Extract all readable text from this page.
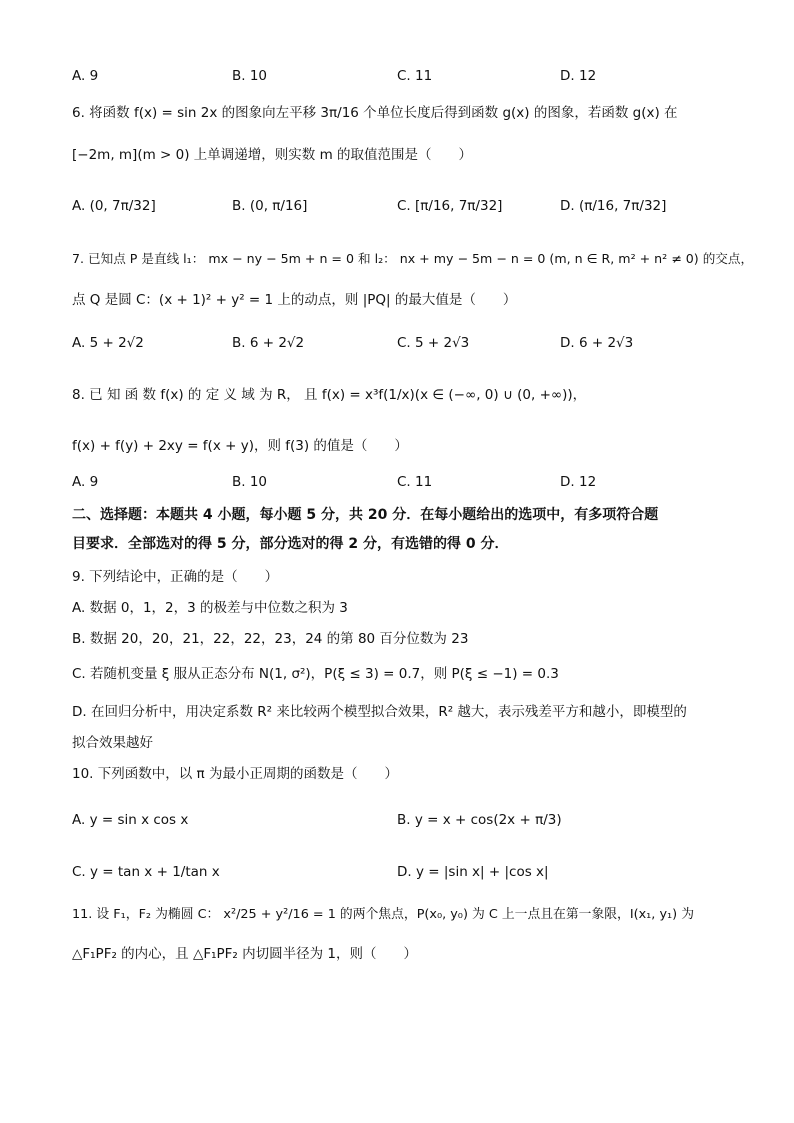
A. 9	B. 10	C. 11	D. 12
6. 将函数 f(x) = sin 2x 的图象向左平移 3π/16 个单位长度后得到函数 g(x) 的图象，若函数 g(x) 在
[−2m, m](m > 0) 上单调递增，则实数 m 的取值范围是（　　）
A. (0, 7π/32]	B. (0, π/16]	C. [π/16, 7π/32]	D. (π/16, 7π/32]
7. 已知点 P 是直线 l₁： mx − ny − 5m + n = 0 和 l₂： nx + my − 5m − n = 0 (m, n ∈ R, m² + n² ≠ 0) 的交点，
点 Q 是圆 C：(x + 1)² + y² = 1 上的动点，则 |PQ| 的最大值是（　　）
A. 5 + 2√2	B. 6 + 2√2	C. 5 + 2√3	D. 6 + 2√3
8. 已 知 函 数 f(x) 的 定 义 域 为 R， 且 f(x) = x³f(1/x)(x ∈ (−∞, 0) ∪ (0, +∞))，
f(x) + f(y) + 2xy = f(x + y)，则 f(3) 的值是（　　）
A. 9	B. 10	C. 11	D. 12
二、选择题：本题共 4 小题，每小题 5 分，共 20 分．在每小题给出的选项中，有多项符合题
目要求．全部选对的得 5 分，部分选对的得 2 分，有选错的得 0 分．
9. 下列结论中，正确的是（　　）
A. 数据 0，1，2，3 的极差与中位数之积为 3
B. 数据 20，20，21，22，22，23，24 的第 80 百分位数为 23
C. 若随机变量 ξ 服从正态分布 N(1, σ²)，P(ξ ≤ 3) = 0.7，则 P(ξ ≤ −1) = 0.3
D. 在回归分析中，用决定系数 R² 来比较两个模型拟合效果，R² 越大，表示残差平方和越小，即模型的
拟合效果越好
10. 下列函数中，以 π 为最小正周期的函数是（　　）
A. y = sin x cos x	B. y = x + cos(2x + π/3)
C. y = tan x + 1/tan x	D. y = |sin x| + |cos x|
11. 设 F₁，F₂ 为椭圆 C： x²/25 + y²/16 = 1 的两个焦点，P(x₀, y₀) 为 C 上一点且在第一象限，I(x₁, y₁) 为
△F₁PF₂ 的内心，且 △F₁PF₂ 内切圆半径为 1，则（　　）
